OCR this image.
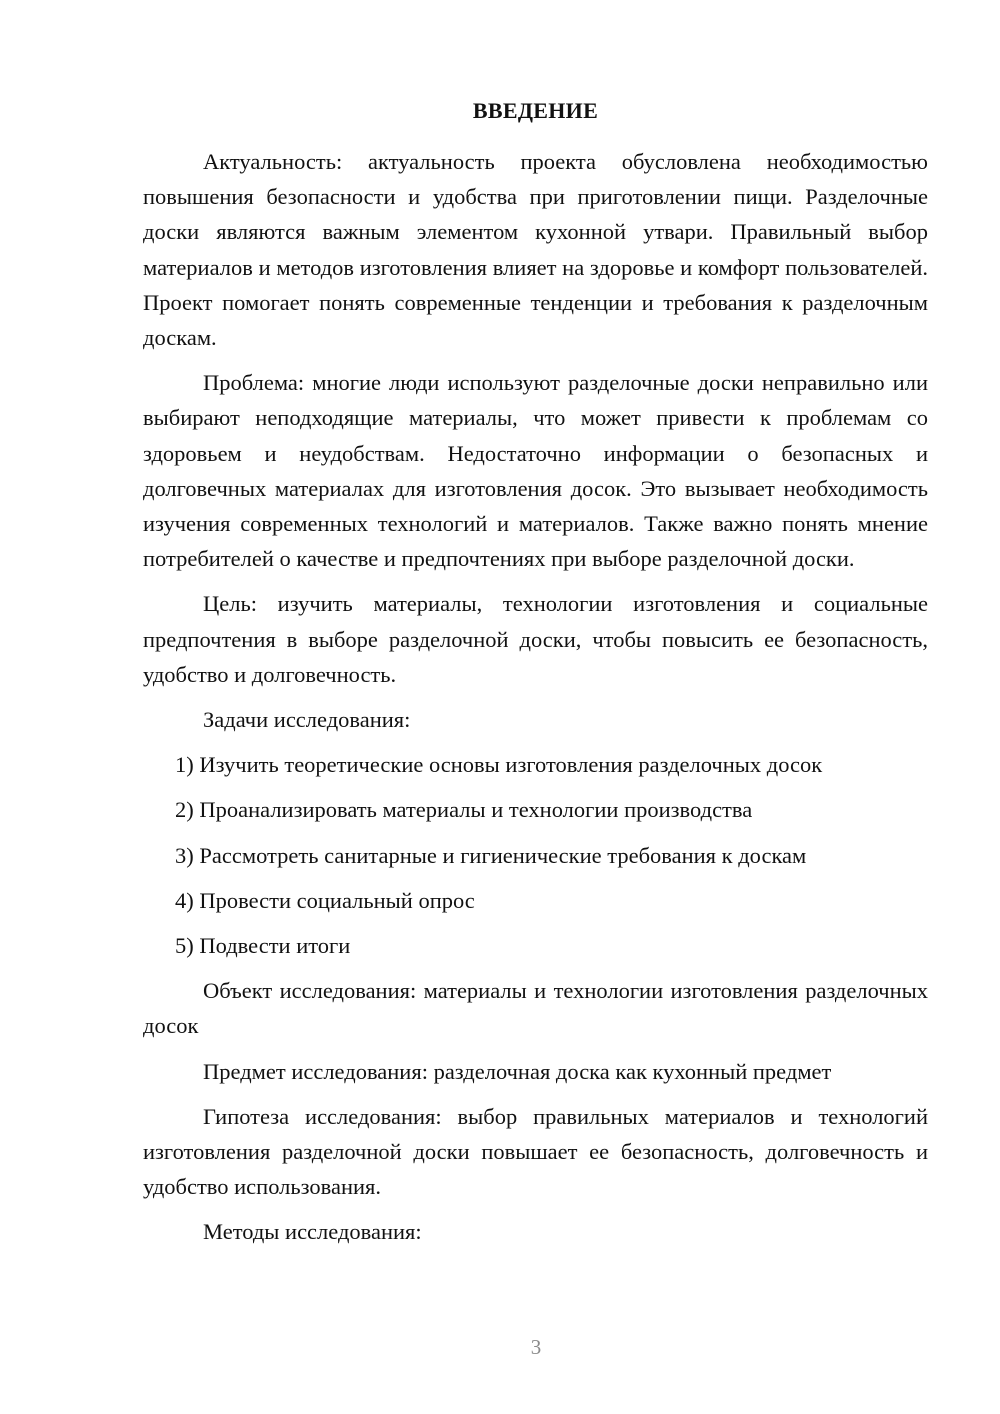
ВВЕДЕНИЕ

Актуальность: актуальность проекта обусловлена необходимостью повышения безопасности и удобства при приготовлении пищи. Разделочные доски являются важным элементом кухонной утвари. Правильный выбор материалов и методов изготовления влияет на здоровье и комфорт пользователей. Проект помогает понять современные тенденции и требования к разделочным доскам.

Проблема: многие люди используют разделочные доски неправильно или выбирают неподходящие материалы, что может привести к проблемам со здоровьем и неудобствам. Недостаточно информации о безопасных и долговечных материалах для изготовления досок. Это вызывает необходимость изучения современных технологий и материалов. Также важно понять мнение потребителей о качестве и предпочтениях при выборе разделочной доски.

Цель: изучить материалы, технологии изготовления и социальные предпочтения в выборе разделочной доски, чтобы повысить ее безопасность, удобство и долговечность.

Задачи исследования:
1) Изучить теоретические основы изготовления разделочных досок
2) Проанализировать материалы и технологии производства
3) Рассмотреть санитарные и гигиенические требования к доскам
4) Провести социальный опрос
5) Подвести итоги

Объект исследования: материалы и технологии изготовления разделочных досок

Предмет исследования: разделочная доска как кухонный предмет

Гипотеза исследования: выбор правильных материалов и технологий изготовления разделочной доски повышает ее безопасность, долговечность и удобство использования.

Методы исследования:
3
